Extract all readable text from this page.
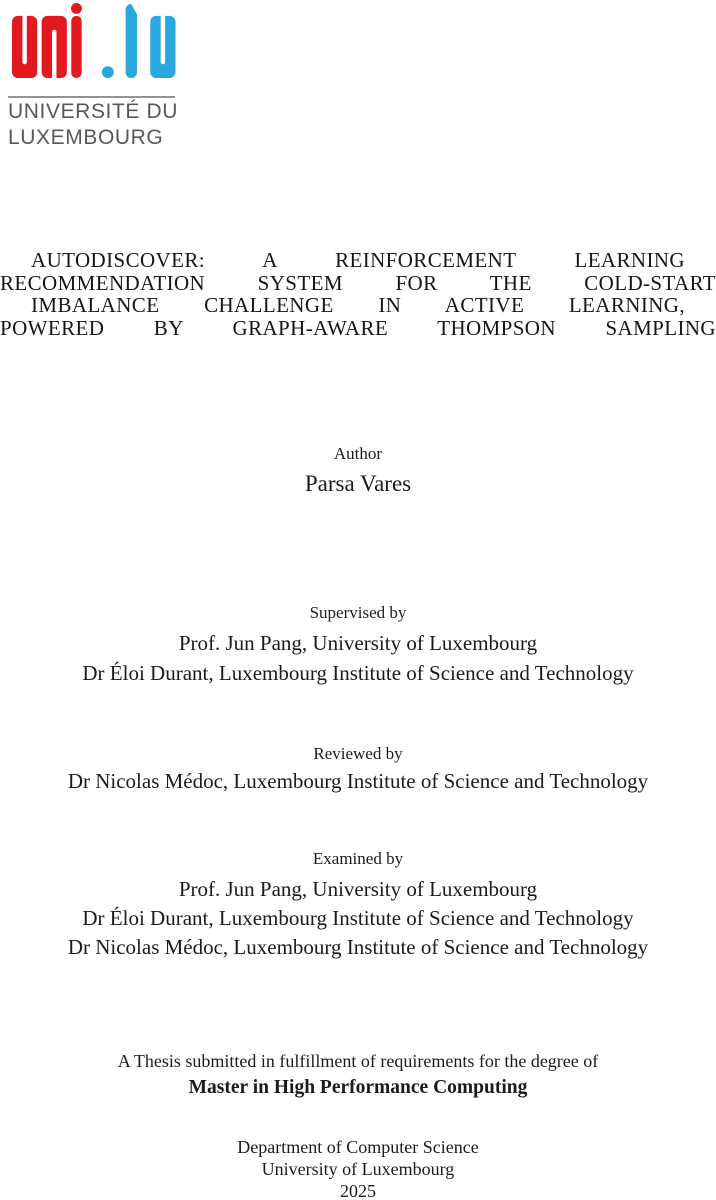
UNIVERSITÉ DU
LUXEMBOURG
AUTODISCOVER: A REINFORCEMENT LEARNING
RECOMMENDATION SYSTEM FOR THE COLD-START
IMBALANCE CHALLENGE IN ACTIVE LEARNING,
POWERED BY GRAPH-AWARE THOMPSON SAMPLING
Author
Parsa Vares
Supervised by
Prof. Jun Pang, University of Luxembourg
Dr Éloi Durant, Luxembourg Institute of Science and Technology
Reviewed by
Dr Nicolas Médoc, Luxembourg Institute of Science and Technology
Examined by
Prof. Jun Pang, University of Luxembourg
Dr Éloi Durant, Luxembourg Institute of Science and Technology
Dr Nicolas Médoc, Luxembourg Institute of Science and Technology
A Thesis submitted in fulfillment of requirements for the degree of
Master in High Performance Computing
Department of Computer Science
University of Luxembourg
2025
